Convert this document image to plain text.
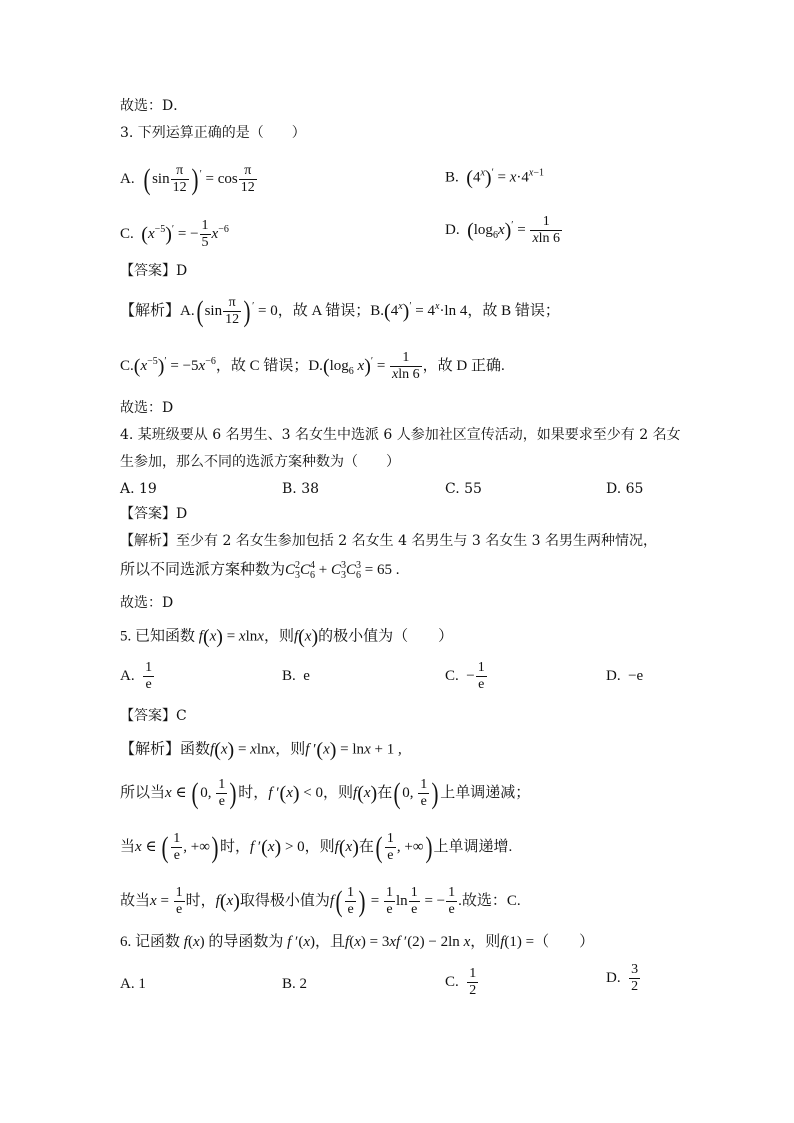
故选：D．
3. 下列运算正确的是（　　）
A.  ( $\sin \frac{\pi}{12}$ ) $' = \cos \frac{\pi}{12}$	B.  $(4^x)' = x\cdot 4^{x-1}$
C.  $(x^{-5})'$ = − $\frac{1}{5} x^{-6}$	D.  $(\log_6x)' = \frac{1}{xln 6}$
【答案】D
【解析】A.( $\sin \frac{\pi}{12}$ ) ′ = 0，故 A 错误；$B.(4^x)' = 4^x\cdot\ln$ 4，故 B 错误；
$C.(x^{-5})' = -5x^{-6}$，故 C 错误；$D.(\log_6$ $x)' = \frac{1}{xln 6}$ ，故 D 正确.
故选：D
4. 某班级要从 6 名男生、3 名女生中选派 6 人参加社区宣传活动，如果要求至少有 2 名女
生参加，那么不同的选派方案种数为（　　）
A. 19	B. 38	C. 55	D. 65
【答案】D
【解析】至少有 2 名女生参加包括 2 名女生 4 名男生与 3 名女生 3 名男生两种情况，
所以不同选派方案种数为$C^2_3C^4_6 + C^3_3C^3_6 = 65$ .
故选：D
5. 已知函数 f(x) = xlnx，则f(x)的极小值为（　　）
A. $\frac{1}{e}$	B.  e	C.  − $\frac{1}{e}$	D.  −e
【答案】C
【解析】函数f(x) = xlnx，则f ′(x) = lnx + 1 ,
所以当x ∈ ( 0, $\frac{1}{e}$ ) 时，f ′(x) < 0，则f(x)在( 0, $\frac{1}{e}$ ) 上单调递减；
当x ∈ ( $\frac{1}{e}$ , +∞) 时，f ′(x) > 0，则f(x)在( $\frac{1}{e}$ , +∞) 上单调递增.
故当$x = \frac{1}{e}$ 时，f(x)取得极小值为$f( \frac{1}{e}$ ) = $\frac{1}{e}$ $\ln \frac{1}{e}$ = − $\frac{1}{e}$ .故选：C.
6. 记函数 f(x) 的导函数为 f ′(x)，且f(x) = 3xf ′(2) − 2ln x，则f(1) =（　　）
A. 1	B. 2	C. $\frac{1}{2}$	D. $\frac{3}{2}$
